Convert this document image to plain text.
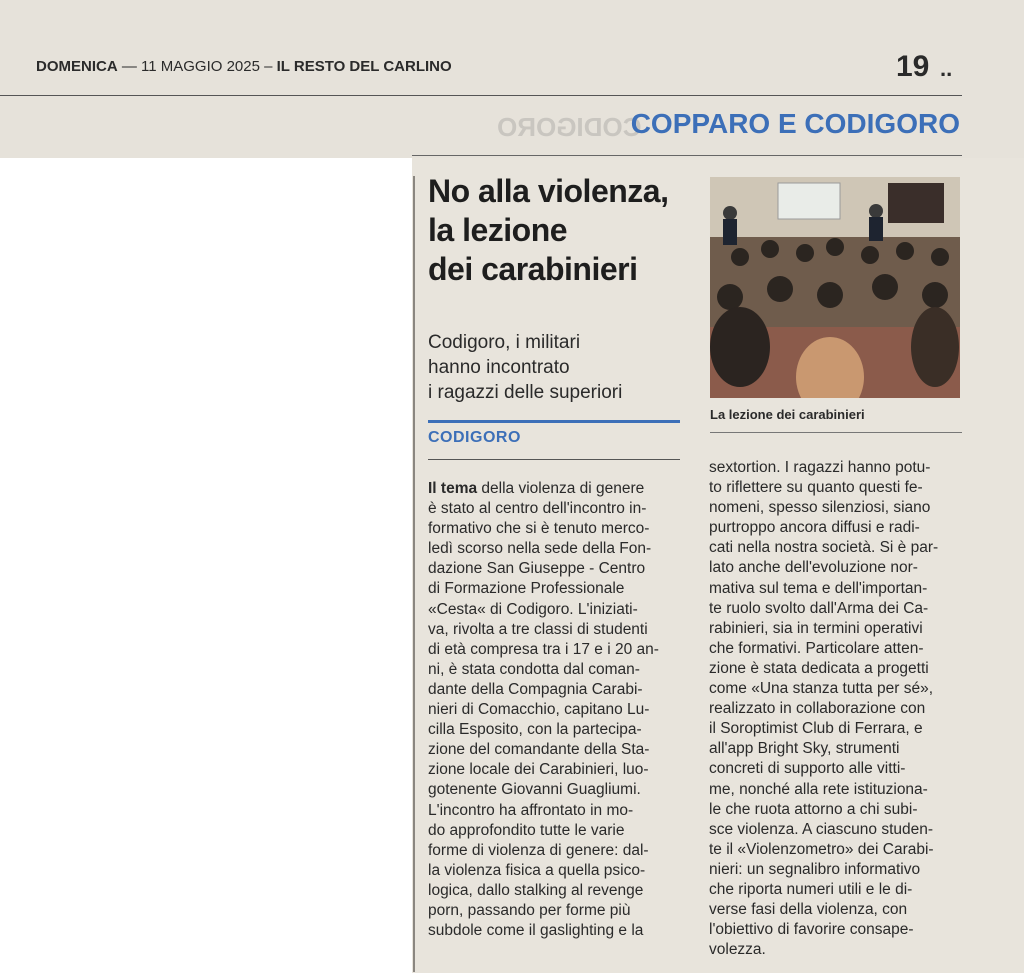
DOMENICA — 11 MAGGIO 2025 – IL RESTO DEL CARLINO	19 ..
CODIGORO
COPPARO E CODIGORO
No alla violenza,
la lezione
dei carabinieri
Codigoro, i militari
hanno incontrato
i ragazzi delle superiori
CODIGORO
Il tema della violenza di genere
è stato al centro dell'incontro in-
formativo che si è tenuto merco-
ledì scorso nella sede della Fon-
dazione San Giuseppe - Centro
di Formazione Professionale
«Cesta« di Codigoro. L'iniziati-
va, rivolta a tre classi di studenti
di età compresa tra i 17 e i 20 an-
ni, è stata condotta dal coman-
dante della Compagnia Carabi-
nieri di Comacchio, capitano Lu-
cilla Esposito, con la partecipa-
zione del comandante della Sta-
zione locale dei Carabinieri, luo-
gotenente Giovanni Guagliumi.
L'incontro ha affrontato in mo-
do approfondito tutte le varie
forme di violenza di genere: dal-
la violenza fisica a quella psico-
logica, dallo stalking al revenge
porn, passando per forme più
subdole come il gaslighting e la
sextortion. I ragazzi hanno potu-
to riflettere su quanto questi fe-
nomeni, spesso silenziosi, siano
purtroppo ancora diffusi e radi-
cati nella nostra società. Si è par-
lato anche dell'evoluzione nor-
mativa sul tema e dell'importan-
te ruolo svolto dall'Arma dei Ca-
rabinieri, sia in termini operativi
che formativi. Particolare atten-
zione è stata dedicata a progetti
come «Una stanza tutta per sé»,
realizzato in collaborazione con
il Soroptimist Club di Ferrara, e
all'app Bright Sky, strumenti
concreti di supporto alle vitti-
me, nonché alla rete istituziona-
le che ruota attorno a chi subi-
sce violenza. A ciascuno studen-
te il «Violenzometro» dei Carabi-
nieri: un segnalibro informativo
che riporta numeri utili e le di-
verse fasi della violenza, con
l'obiettivo di favorire consape-
volezza.
La lezione dei carabinieri
